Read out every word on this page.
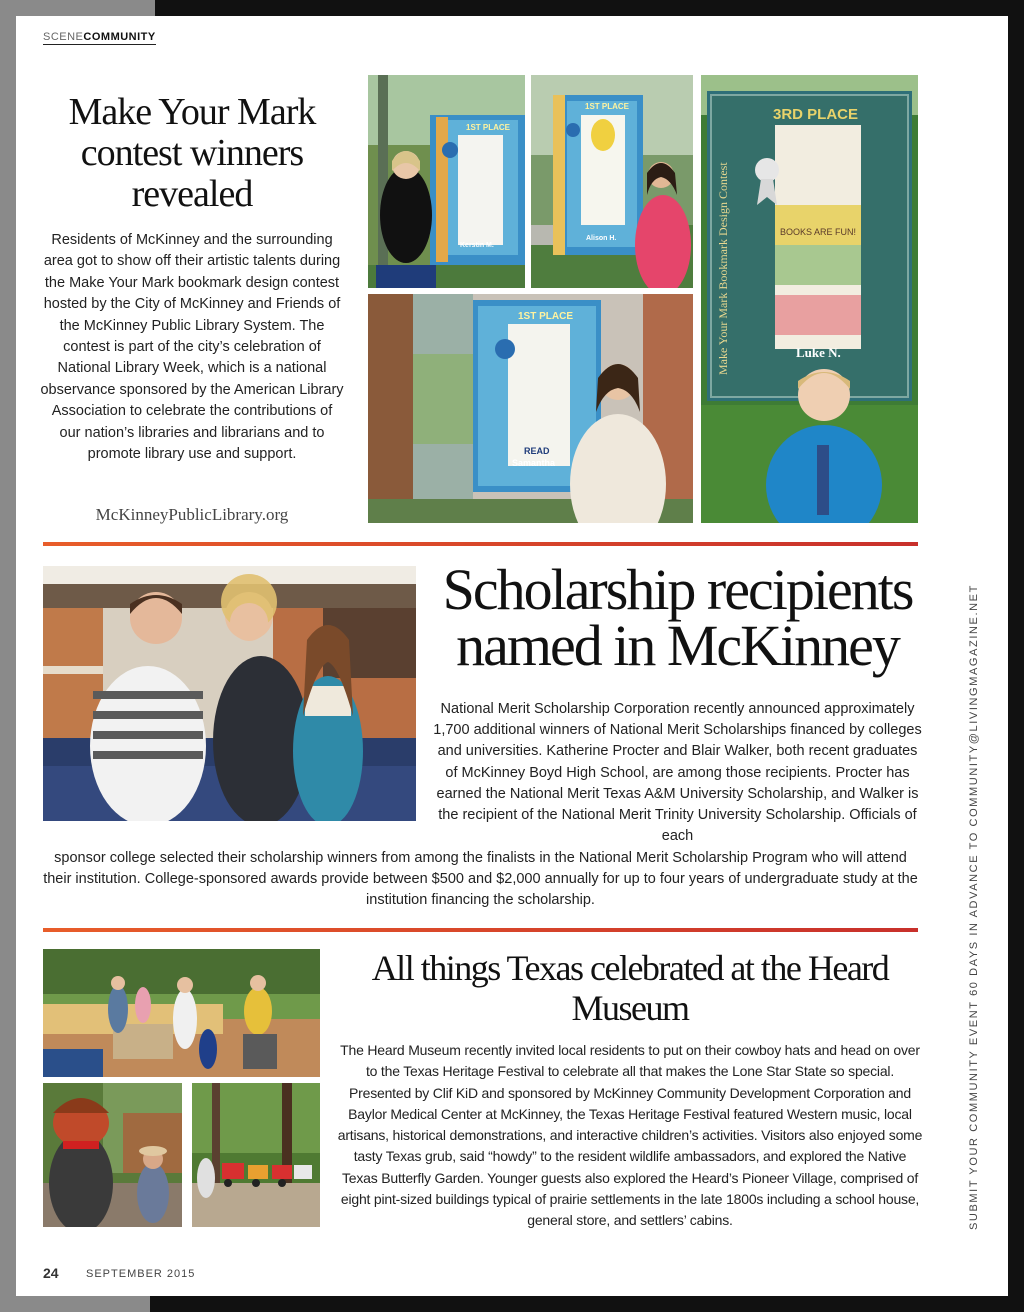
SCENECOMMUNITY
Make Your Mark contest winners revealed

Residents of McKinney and the surrounding area got to show off their artistic talents during the Make Your Mark bookmark design contest hosted by the City of McKinney and Friends of the McKinney Public Library System. The contest is part of the city’s celebration of National Library Week, which is a national observance sponsored by the American Library Association to celebrate the contributions of our nation’s libraries and librarians and to promote library use and support.

McKinneyPublicLibrary.org
1ST PLACE
Kerstin M.
1ST PLACE
Alison H.
3RD PLACE
BOOKS ARE FUN!
Make Your Mark Bookmark Design Contest	Luke N.
1ST PLACE
READ
Samantha
Scholarship recipients named in McKinney

National Merit Scholarship Corporation recently announced approximately 1,700 additional winners of National Merit Scholarships financed by colleges and universities. Katherine Procter and Blair Walker, both recent graduates of McKinney Boyd High School, are among those recipients. Procter has earned the National Merit Texas A&M University Scholarship, and Walker is the recipient of the National Merit Trinity University Scholarship. Officials of each

sponsor college selected their scholarship winners from among the finalists in the National Merit Scholarship Program who will attend their institution. College-sponsored awards provide between $500 and $2,000 annually for up to four years of undergraduate study at the institution financing the scholarship.

All things Texas celebrated at the Heard Museum

The Heard Museum recently invited local residents to put on their cowboy hats and head on over to the Texas Heritage Festival to celebrate all that makes the Lone Star State so special. Presented by Clif KiD and sponsored by McKinney Community Development Corporation and Baylor Medical Center at McKinney, the Texas Heritage Festival featured Western music, local artisans, historical demonstrations, and interactive children’s activities. Visitors also enjoyed some tasty Texas grub, said “howdy” to the resident wildlife ambassadors, and explored the Native Texas Butterfly Garden. Younger guests also explored the Heard’s Pioneer Village, comprised of eight pint-sized buildings typical of prairie settlements in the late 1800s including a school house, general store, and settlers’ cabins.	SUBMIT YOUR COMMUNITY EVENT 60 DAYS IN ADVANCE TO COMMUNITY@LIVINGMAGAZINE.NET
24 SEPTEMBER 2015
